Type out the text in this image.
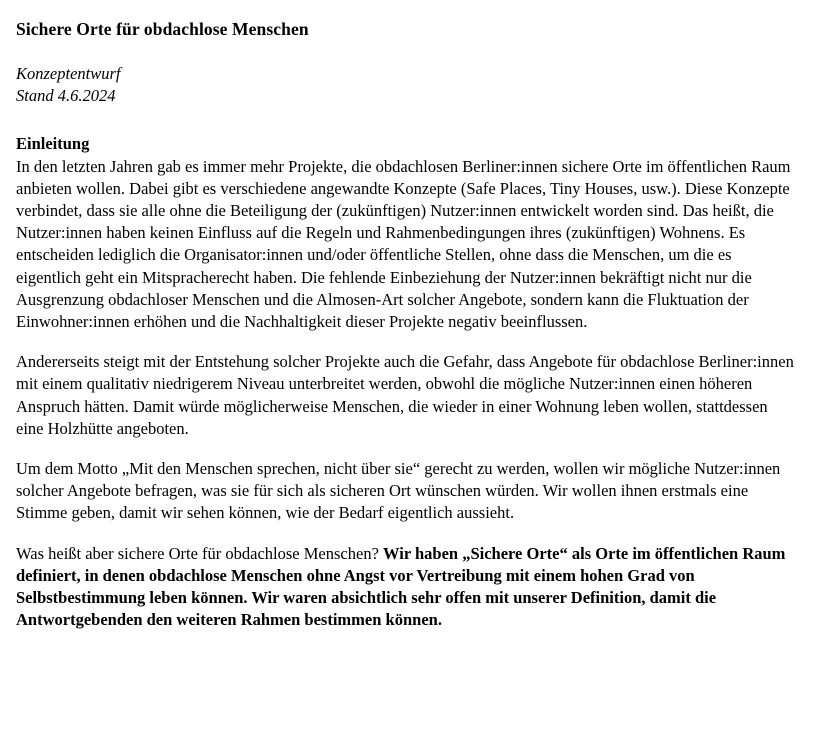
Sichere Orte für obdachlose Menschen
Konzeptentwurf
Stand 4.6.2024
Einleitung

In den letzten Jahren gab es immer mehr Projekte, die obdachlosen Berliner:innen sichere Orte im öffentlichen Raum anbieten wollen. Dabei gibt es verschiedene angewandte Konzepte (Safe Places, Tiny Houses, usw.). Diese Konzepte verbindet, dass sie alle ohne die Beteiligung der (zukünftigen) Nutzer:innen entwickelt worden sind. Das heißt, die Nutzer:innen haben keinen Einfluss auf die Regeln und Rahmenbedingungen ihres (zukünftigen) Wohnens. Es entscheiden lediglich die Organisator:innen und/oder öffentliche Stellen, ohne dass die Menschen, um die es eigentlich geht ein Mitspracherecht haben. Die fehlende Einbeziehung der Nutzer:innen bekräftigt nicht nur die Ausgrenzung obdachloser Menschen und die Almosen-Art solcher Angebote, sondern kann die Fluktuation der Einwohner:innen erhöhen und die Nachhaltigkeit dieser Projekte negativ beeinflussen.

Andererseits steigt mit der Entstehung solcher Projekte auch die Gefahr, dass Angebote für obdachlose Berliner:innen mit einem qualitativ niedrigerem Niveau unterbreitet werden, obwohl die mögliche Nutzer:innen einen höheren Anspruch hätten. Damit würde möglicherweise Menschen, die wieder in einer Wohnung leben wollen, stattdessen eine Holzhütte angeboten.

Um dem Motto „Mit den Menschen sprechen, nicht über sie“ gerecht zu werden, wollen wir mögliche Nutzer:innen solcher Angebote befragen, was sie für sich als sicheren Ort wünschen würden. Wir wollen ihnen erstmals eine Stimme geben, damit wir sehen können, wie der Bedarf eigentlich aussieht.

Was heißt aber sichere Orte für obdachlose Menschen? Wir haben „Sichere Orte“ als Orte im öffentlichen Raum definiert, in denen obdachlose Menschen ohne Angst vor Vertreibung mit einem hohen Grad von Selbstbestimmung leben können. Wir waren absichtlich sehr offen mit unserer Definition, damit die Antwortgebenden den weiteren Rahmen bestimmen können.
